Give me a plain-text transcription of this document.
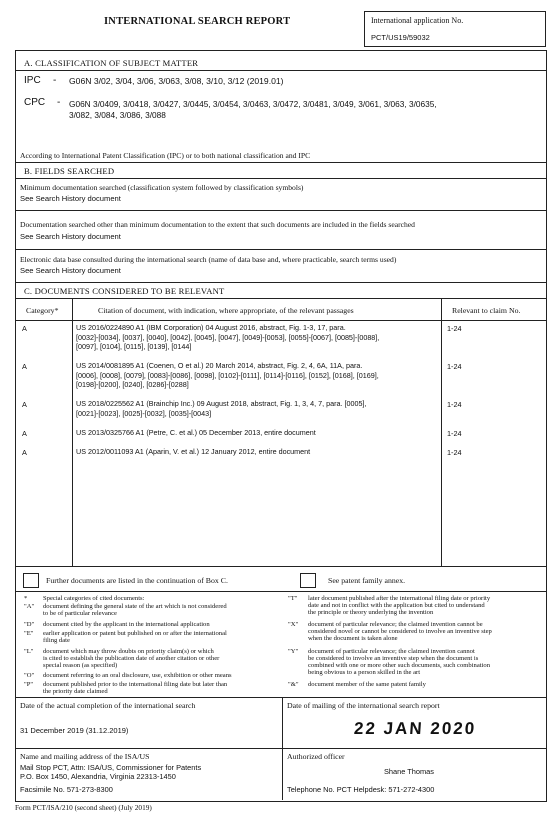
INTERNATIONAL SEARCH REPORT	International application No.
PCT/US19/59032
A. CLASSIFICATION OF SUBJECT MATTER
IPC - G06N 3/02, 3/04, 3/06, 3/063, 3/08, 3/10, 3/12 (2019.01)
CPC - G06N 3/0409, 3/0418, 3/0427, 3/0445, 3/0454, 3/0463, 3/0472, 3/0481, 3/049, 3/061, 3/063, 3/0635,
3/082, 3/084, 3/086, 3/088
According to International Patent Classification (IPC) or to both national classification and IPC
B. FIELDS SEARCHED
Minimum documentation searched (classification system followed by classification symbols)
See Search History document
Documentation searched other than minimum documentation to the extent that such documents are included in the fields searched
See Search History document
Electronic data base consulted during the international search (name of data base and, where practicable, search terms used)
See Search History document
C. DOCUMENTS CONSIDERED TO BE RELEVANT
Category*	Citation of document, with indication, where appropriate, of the relevant passages	Relevant to claim No.
A	US 2016/0224890 A1 (IBM Corporation) 04 August 2016, abstract, Fig. 1-3, 17, para.
[0032]-[0034], [0037], [0040], [0042], [0045], [0047], [0049]-[0053], [0055]-[0067], [0085]-[0088],
[0097], [0104], [0115], [0139], [0144]
1-24
A	US 2014/0081895 A1 (Coenen, O et al.) 20 March 2014, abstract, Fig. 2, 4, 6A, 11A, para.
[0006], [0008], [0079], [0083]-[0086], [0098], [0102]-[0111], [0114]-[0116], [0152], [0168], [0169],
[0198]-[0200], [0240], [0286]-[0288]
1-24
A	US 2018/0225562 A1 (Brainchip Inc.) 09 August 2018, abstract, Fig. 1, 3, 4, 7, para. [0005],
[0021]-[0023], [0025]-[0032], [0035]-[0043]
1-24
A	US 2013/0325766 A1 (Petre, C. et al.) 05 December 2013, entire document	1-24
A	US 2012/0011093 A1 (Aparin, V. et al.) 12 January 2012, entire document	1-24
Further documents are listed in the continuation of Box C.	See patent family annex.
* Special categories of cited documents:
"A" document defining the general state of the art which is not considered
to be of particular relevance
"D" document cited by the applicant in the international application
"E" earlier application or patent but published on or after the international
filing date
"L" document which may throw doubts on priority claim(s) or which
is cited to establish the publication date of another citation or other
special reason (as specified)
"O" document referring to an oral disclosure, use, exhibition or other means
"P" document published prior to the international filing date but later than
the priority date claimed
"T" later document published after the international filing date or priority
date and not in conflict with the application but cited to understand
the principle or theory underlying the invention
"X" document of particular relevance; the claimed invention cannot be
considered novel or cannot be considered to involve an inventive step
when the document is taken alone
"Y" document of particular relevance; the claimed invention cannot
be considered to involve an inventive step when the document is
combined with one or more other such documents, such combination
being obvious to a person skilled in the art
"&" document member of the same patent family
Date of the actual completion of the international search
31 December 2019 (31.12.2019)
Date of mailing of the international search report
22 JAN 2020
Name and mailing address of the ISA/US
Mail Stop PCT, Attn: ISA/US, Commissioner for Patents
P.O. Box 1450, Alexandria, Virginia 22313-1450
Facsimile No. 571-273-8300
Authorized officer
Shane Thomas
Telephone No. PCT Helpdesk: 571-272-4300
Form PCT/ISA/210 (second sheet) (July 2019)
